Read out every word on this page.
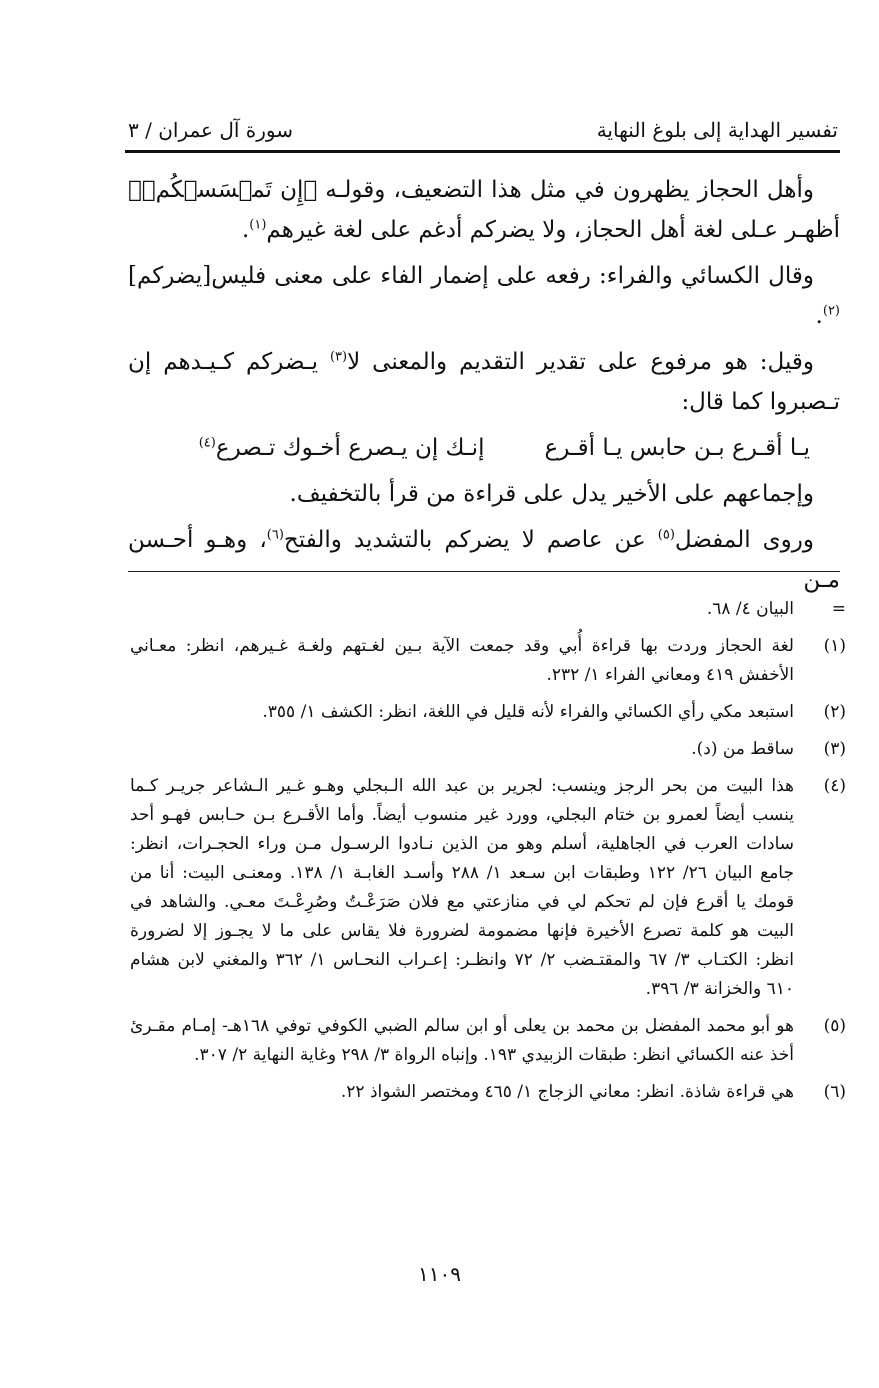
تفسير الهداية إلى بلوغ النهاية
سورة آل عمران / ٣

وأهل الحجاز يظهرون في مثل هذا التضعيف، وقولـه ﴿إِن تَمۡسَسۡكُمۡ﴾ أظهـر عـلى لغة أهل الحجاز، ولا يضركم أدغم على لغة غيرهم$^{(١)}$.

وقال الكسائي والفراء: رفعه على إضمار الفاء على معنى فليس[يضركم]$^{(٢)}$.

وقيل: هو مرفوع على تقدير التقديم والمعنى لا$^{(٣)}$ يـضركم كـيـدهم إن تـصبروا كما قال:

يـا أقـرع بـن حابس يـا أقـرع
إنـك إن يـصرع أخـوك تـصرع$^{(٤)}$

وإجماعهم على الأخير يدل على قراءة من قرأ بالتخفيف.

وروى المفضل$^{(٥)}$ عن عاصم لا يضركم بالتشديد والفتح$^{(٦)}$، وهـو أحـسن مـن

=
البيان ٤/ ٦٨.
(١)
لغة الحجاز وردت بها قراءة أُبي وقد جمعت الآية بـين لغـتهم ولغـة غـيرهم، انظر: معـاني الأخفش ٤١٩ ومعاني الفراء ١/ ٢٣٢.
(٢)
استبعد مكي رأي الكسائي والفراء لأنه قليل في اللغة، انظر: الكشف ١/ ٣٥٥.
(٣)
ساقط من (د).
(٤)
هذا البيت من بحر الرجز وينسب: لجرير بن عبد الله الـبجلي وهـو غـير الـشاعر جريـر كـما ينسب أيضاً لعمرو بن ختام البجلي، وورد غير منسوب أيضاً. وأما الأقـرع بـن حـابس فهـو أحد سادات العرب في الجاهلية، أسلم وهو من الذين نـادوا الرسـول مـن وراء الحجـرات، انظر: جامع البيان ٢٦/ ١٢٢ وطبقات ابن سـعد ١/ ٢٨٨ وأسـد الغابـة ١/ ١٣٨. ومعنـى البيت: أنا من قومك يا أقرع فإن لم تحكم لي في منازعتي مع فلان صَرَعْـتُ وصُرِعْـتَ معـي. والشاهد في البيت هو كلمة تصرع الأخيرة فإنها مضمومة لضرورة فلا يقاس على ما لا يجـوز إلا لضرورة انظر: الكتـاب ٣/ ٦٧ والمقتـضب ٢/ ٧٢ وانظـر: إعـراب النحـاس ١/ ٣٦٢ والمغني لابن هشام ٦١٠ والخزانة ٣/ ٣٩٦.
(٥)
هو أبو محمد المفضل بن محمد بن يعلى أو ابن سالم الضبي الكوفي توفي ١٦٨هـ- إمـام مقـرئ أخذ عنه الكسائي انظر: طبقات الزبيدي ١٩٣. وإنباه الرواة ٣/ ٢٩٨ وغاية النهاية ٢/ ٣٠٧.
(٦)
هي قراءة شاذة. انظر: معاني الزجاج ١/ ٤٦٥ ومختصر الشواذ ٢٢.
١١٠٩
